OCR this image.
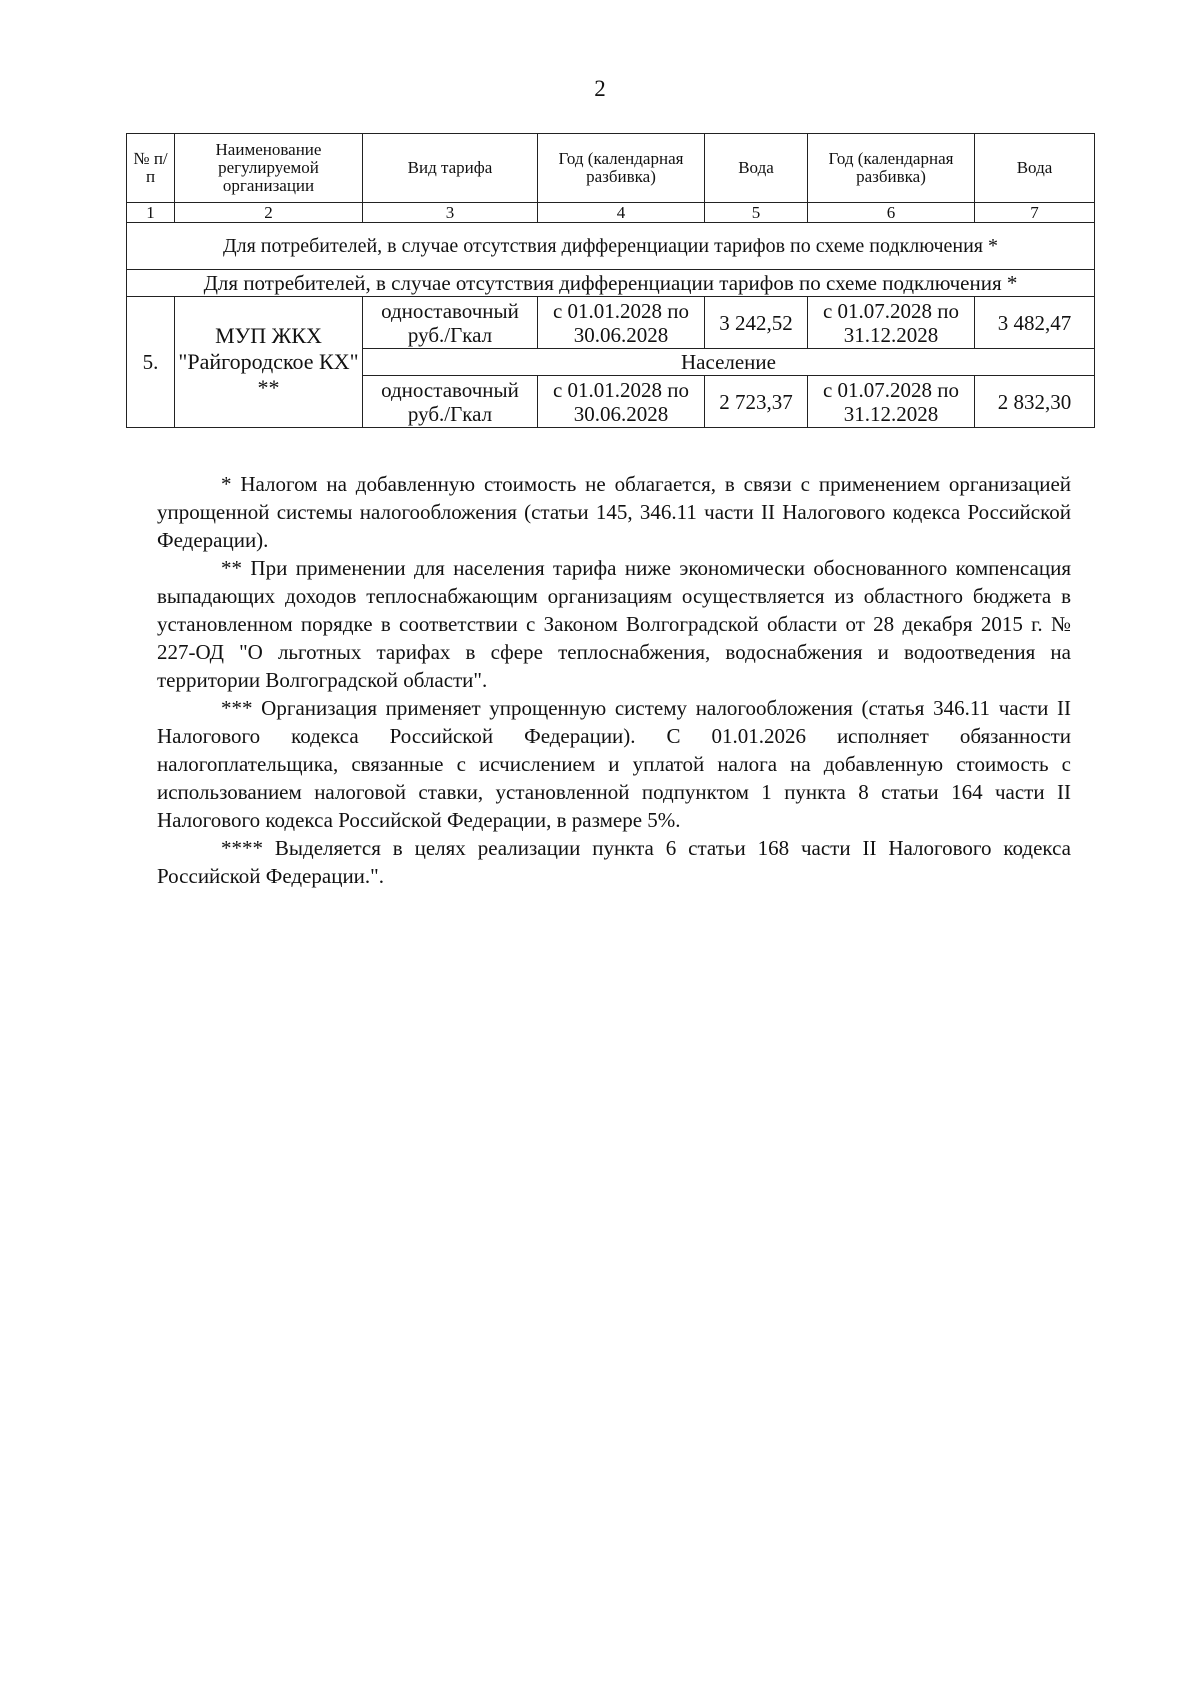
2
№ п/п	Наименование регулируемой организации	Вид тарифа	Год (календарная разбивка)	Вода	Год (календарная разбивка)	Вода
1	2	3	4	5	6	7
Для потребителей, в случае отсутствия дифференциации тарифов по схеме подключения *						
Для потребителей, в случае отсутствия дифференциации тарифов по схеме подключения *						
5.	МУП ЖКХ "Райгородское КХ" **	одноставочный руб./Гкал	с 01.01.2028 по 30.06.2028	3 242,52	с 01.07.2028 по 31.12.2028	3 482,47
		Население				
		одноставочный руб./Гкал	с 01.01.2028 по 30.06.2028	2 723,37	с 01.07.2028 по 31.12.2028	2 832,30

* Налогом на добавленную стоимость не облагается, в связи с применением организацией упрощенной системы налогообложения (статьи 145, 346.11 части II Налогового кодекса Российской Федерации).

** При применении для населения тарифа ниже экономически обоснованного компенсация выпадающих доходов теплоснабжающим организациям осуществляется из областного бюджета в установленном порядке в соответствии с Законом Волгоградской области от 28 декабря 2015 г. № 227-ОД "О льготных тарифах в сфере теплоснабжения, водоснабжения и водоотведения на территории Волгоградской области".

*** Организация применяет упрощенную систему налогообложения (статья 346.11 части II Налогового кодекса Российской Федерации). С 01.01.2026 исполняет обязанности налогоплательщика, связанные с исчислением и уплатой налога на добавленную стоимость с использованием налоговой ставки, установленной подпунктом 1 пункта 8 статьи 164 части II Налогового кодекса Российской Федерации, в размере 5%.

**** Выделяется в целях реализации пункта 6 статьи 168 части II Налогового кодекса Российской Федерации.".
